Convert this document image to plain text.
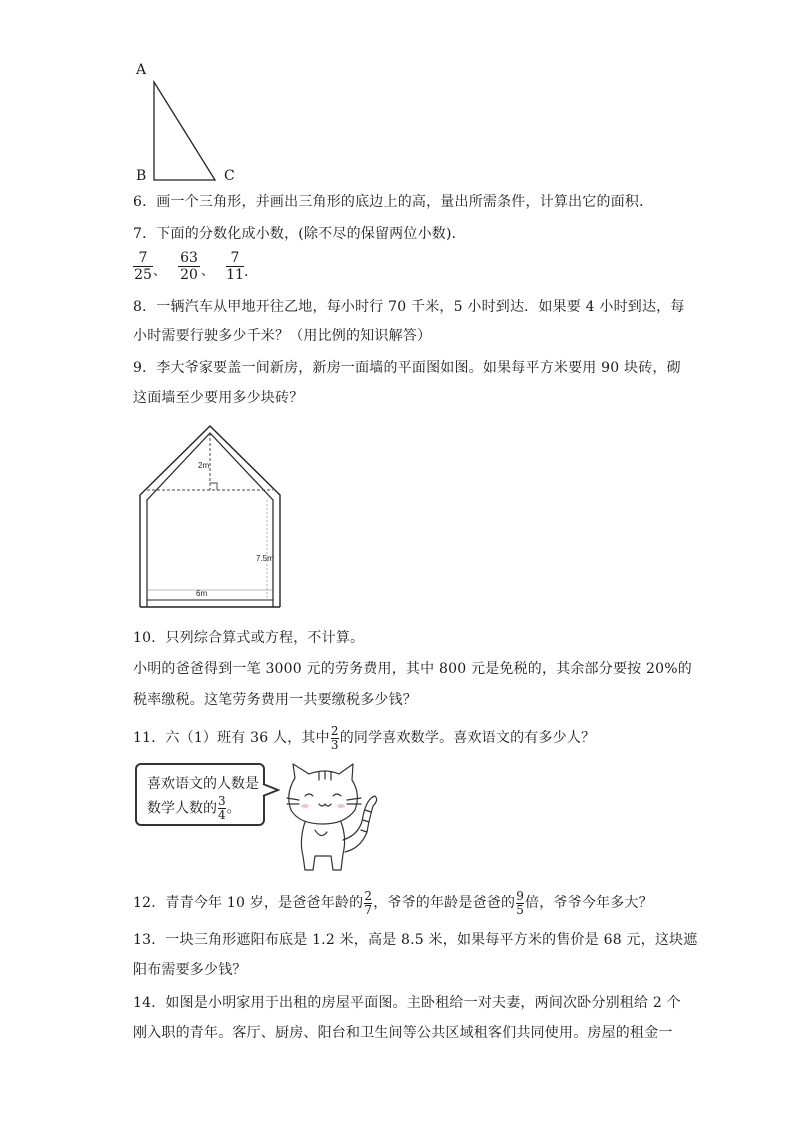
A
B	C
6．画一个三角形，并画出三角形的底边上的高，量出所需条件，计算出它的面积．
7．下面的分数化成小数，(除不尽的保留两位小数)．
$\frac{7}{25}$ 、 $\frac{63}{20}$ 、 $\frac{7}{11}$ .
8．一辆汽车从甲地开往乙地，每小时行 70 千米，5 小时到达．如果要 4 小时到达，每
小时需要行驶多少千米？（用比例的知识解答）
9．李大爷家要盖一间新房，新房一面墙的平面图如图。如果每平方米要用 90 块砖，砌
这面墙至少要用多少块砖？
2m
7.5m
6m
10．只列综合算式或方程，不计算。
小明的爸爸得到一笔 3000 元的劳务费用，其中 800 元是免税的，其余部分要按 20%的
税率缴税。这笔劳务费用一共要缴税多少钱？
11．六（1）班有 36 人，其中 $\frac{2}{3}$ 的同学喜欢数学。喜欢语文的有多少人？
喜欢语文的人数是
数学人数的 $\frac{3}{4}$ 。
12．青青今年 10 岁，是爸爸年龄的 $\frac{2}{7}$ ，爷爷的年龄是爸爸的 $\frac{9}{5}$ 倍，爷爷今年多大？
13．一块三角形遮阳布底是 1.2 米，高是 8.5 米，如果每平方米的售价是 68 元，这块遮
阳布需要多少钱？
14．如图是小明家用于出租的房屋平面图。主卧租给一对夫妻，两间次卧分别租给 2 个
刚入职的青年。客厅、厨房、阳台和卫生间等公共区域租客们共同使用。房屋的租金一
